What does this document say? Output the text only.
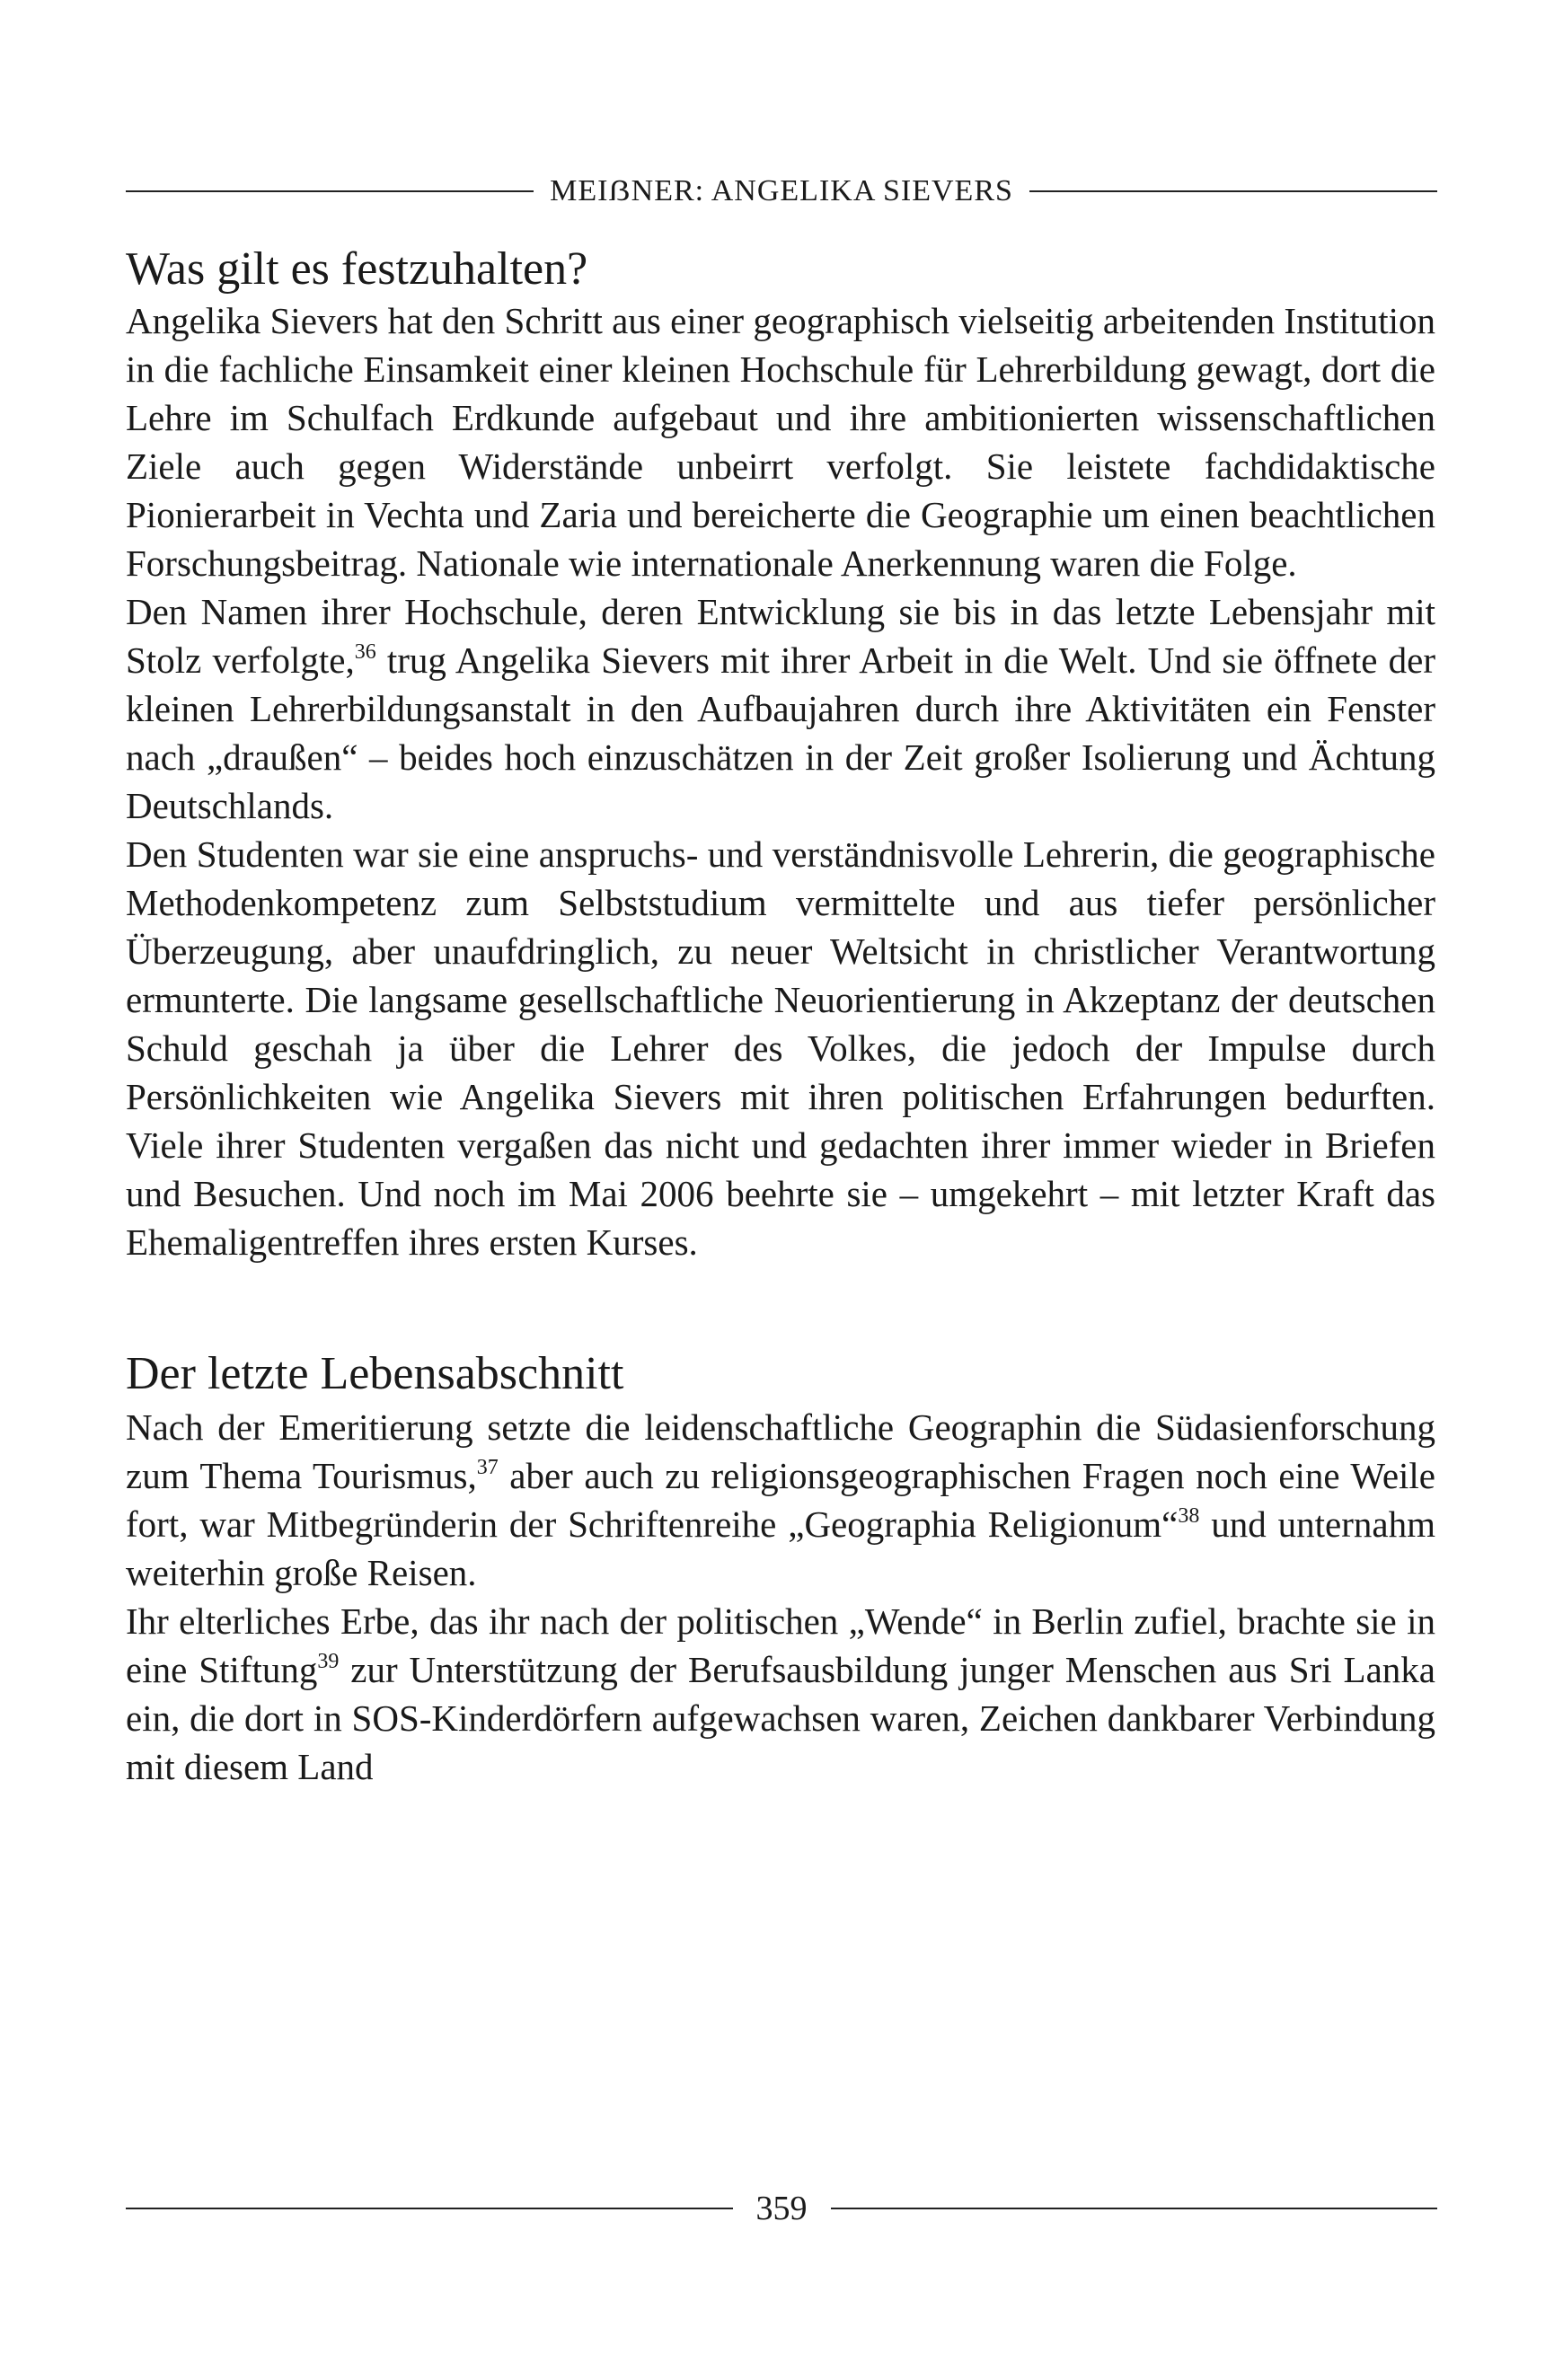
MEIẞNER: ANGELIKA SIEVERS
Was gilt es festzuhalten?

Angelika Sievers hat den Schritt aus einer geographisch vielseitig arbeitenden Institution in die fachliche Einsamkeit einer kleinen Hochschule für Lehrerbildung gewagt, dort die Lehre im Schulfach Erdkunde aufgebaut und ihre ambitionierten wissenschaftlichen Ziele auch gegen Widerstände unbeirrt verfolgt. Sie leistete fachdidaktische Pionierarbeit in Vechta und Zaria und bereicherte die Geographie um einen beachtlichen Forschungsbeitrag. Nationale wie internationale Anerkennung waren die Folge.

Den Namen ihrer Hochschule, deren Entwicklung sie bis in das letzte Lebensjahr mit Stolz verfolgte,$^{36}$ trug Angelika Sievers mit ihrer Arbeit in die Welt. Und sie öffnete der kleinen Lehrerbildungsanstalt in den Aufbaujahren durch ihre Aktivitäten ein Fenster nach „draußen“ – beides hoch einzuschätzen in der Zeit großer Isolierung und Ächtung Deutschlands.

Den Studenten war sie eine anspruchs- und verständnisvolle Lehrerin, die geographische Methodenkompetenz zum Selbststudium vermittelte und aus tiefer persönlicher Überzeugung, aber unaufdringlich, zu neuer Weltsicht in christlicher Verantwortung ermunterte. Die langsame gesellschaftliche Neuorientierung in Akzeptanz der deutschen Schuld geschah ja über die Lehrer des Volkes, die jedoch der Impulse durch Persönlichkeiten wie Angelika Sievers mit ihren politischen Erfahrungen bedurften. Viele ihrer Studenten vergaßen das nicht und gedachten ihrer immer wieder in Briefen und Besuchen. Und noch im Mai 2006 beehrte sie – umgekehrt – mit letzter Kraft das Ehemaligentreffen ihres ersten Kurses.

Der letzte Lebensabschnitt

Nach der Emeritierung setzte die leidenschaftliche Geographin die Südasienforschung zum Thema Tourismus,$^{37}$ aber auch zu religionsgeographischen Fragen noch eine Weile fort, war Mitbegründerin der Schriftenreihe „Geographia Religionum“$^{38}$ und unternahm weiterhin große Reisen.

Ihr elterliches Erbe, das ihr nach der politischen „Wende“ in Berlin zufiel, brachte sie in eine Stiftung$^{39}$ zur Unterstützung der Berufsausbildung junger Menschen aus Sri Lanka ein, die dort in SOS-Kinderdörfern aufgewachsen waren, Zeichen dankbarer Verbindung mit diesem Land

359
